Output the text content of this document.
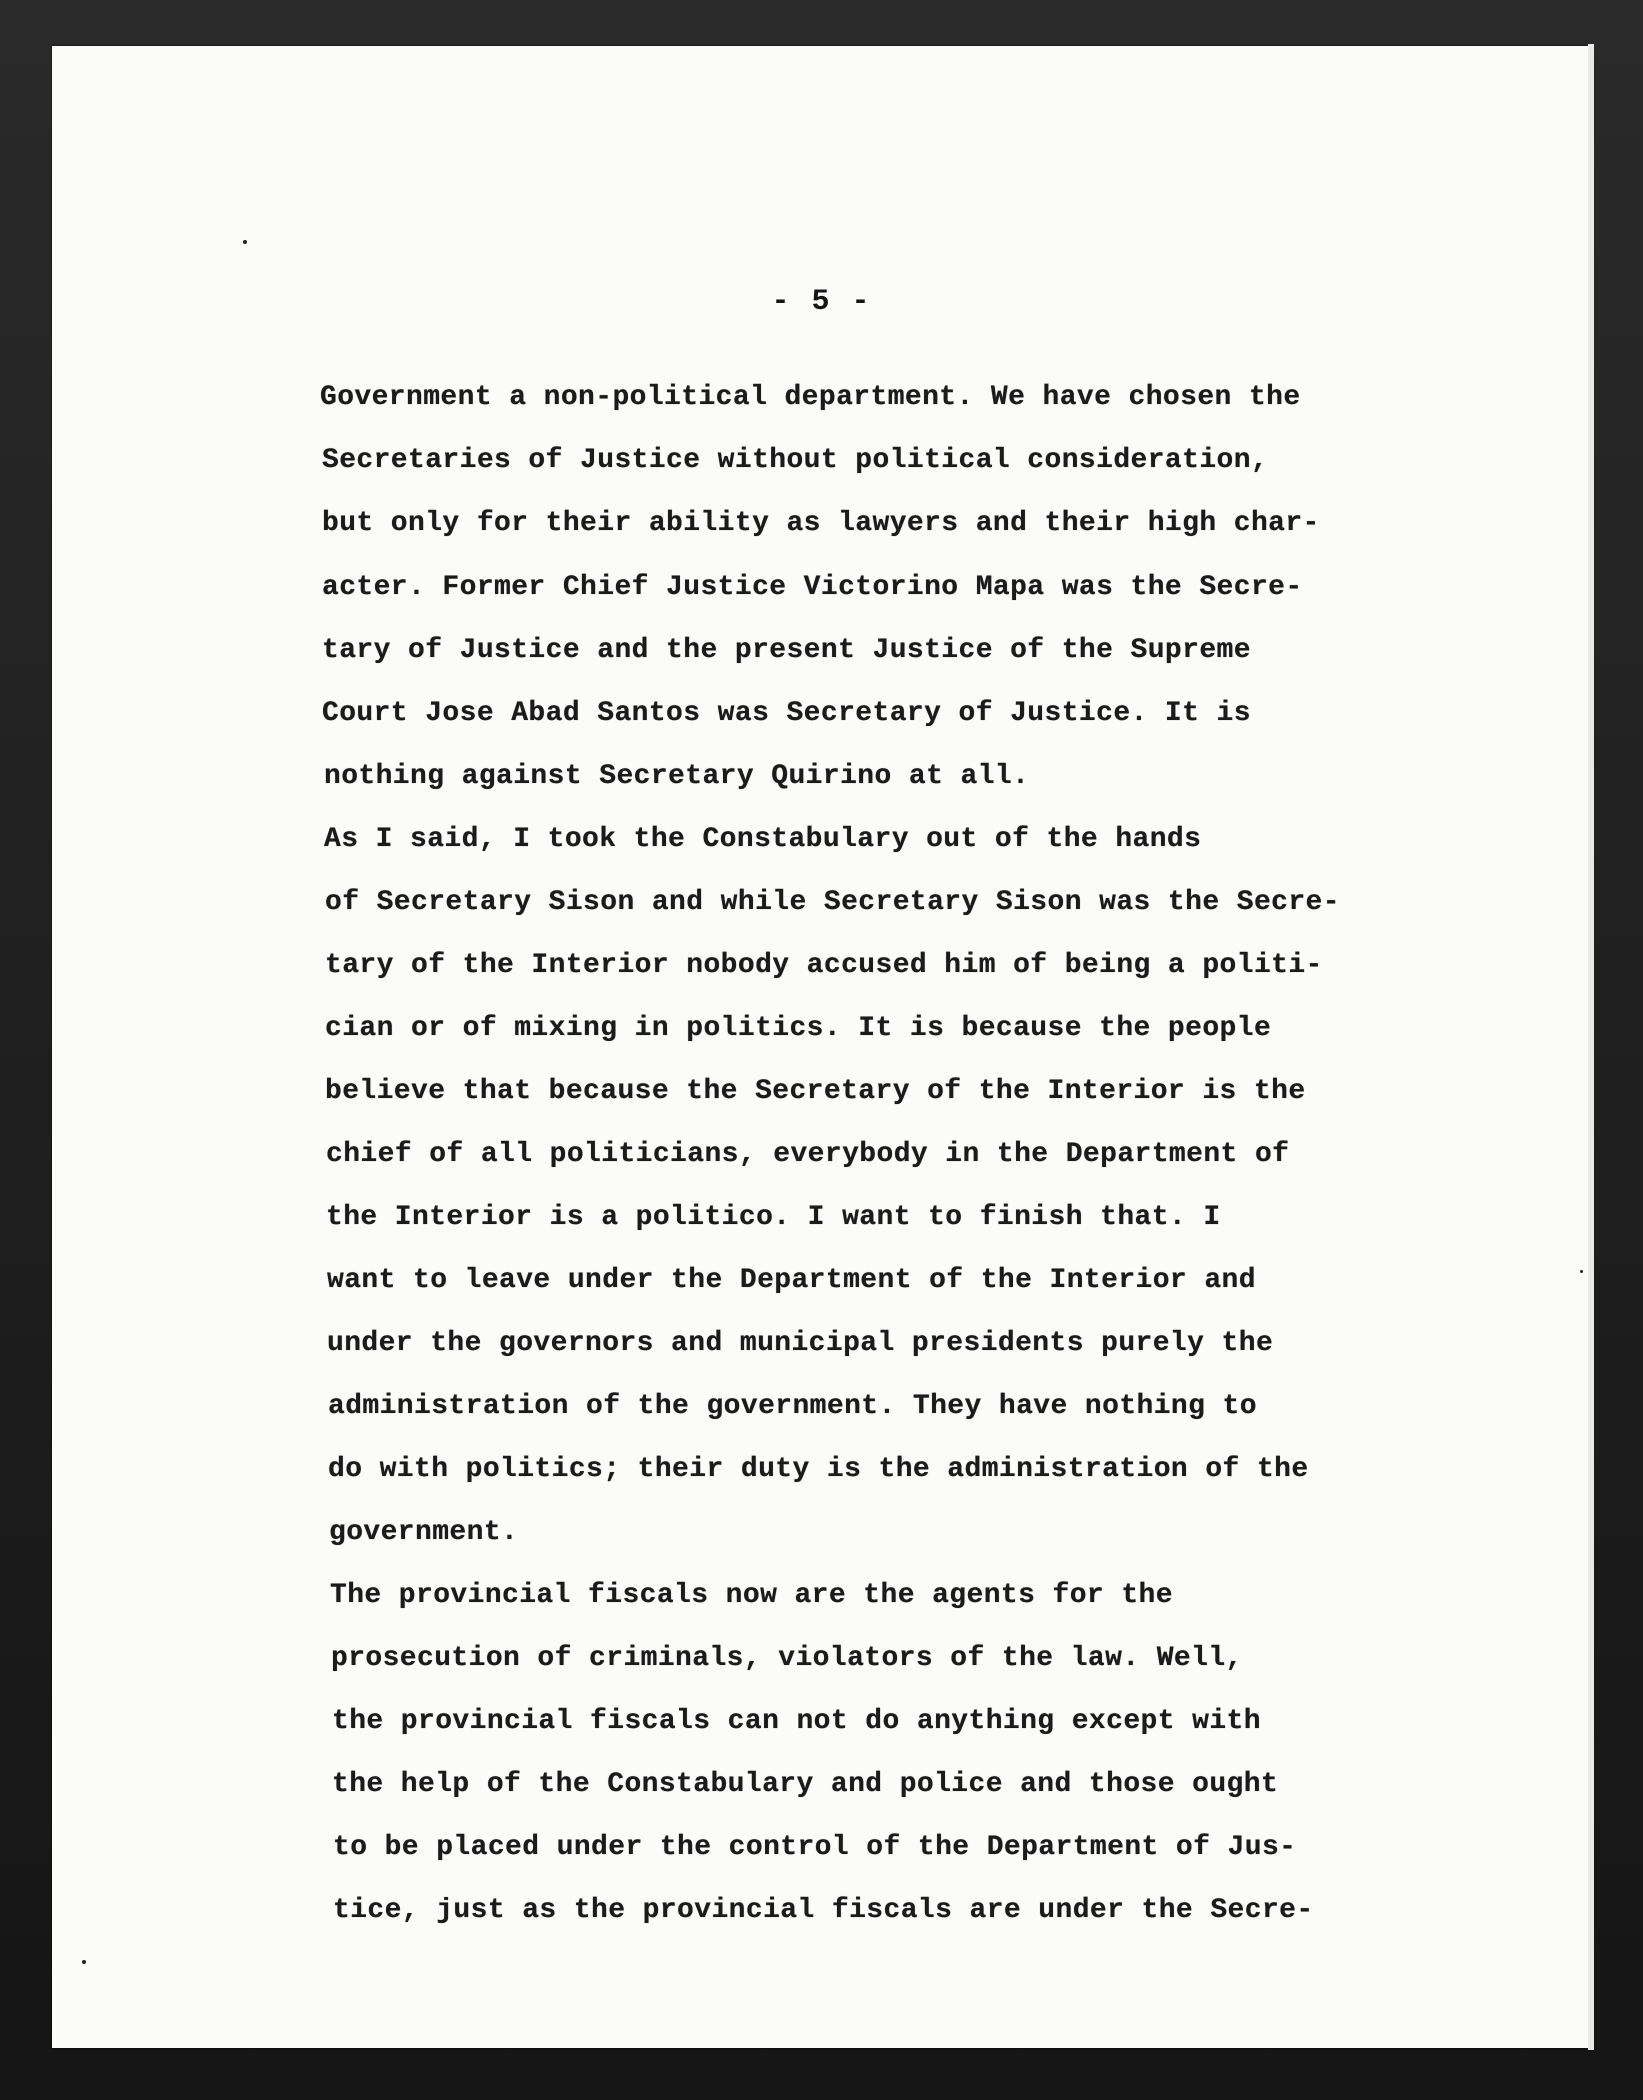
- 5 -
Government a non-political department. We have chosen the
Secretaries of Justice without political consideration,
but only for their ability as lawyers and their high char-
acter. Former Chief Justice Victorino Mapa was the Secre-
tary of Justice and the present Justice of the Supreme
Court Jose Abad Santos was Secretary of Justice. It is
nothing against Secretary Quirino at all.
As I said, I took the Constabulary out of the hands
of Secretary Sison and while Secretary Sison was the Secre-
tary of the Interior nobody accused him of being a politi-
cian or of mixing in politics. It is because the people
believe that because the Secretary of the Interior is the
chief of all politicians, everybody in the Department of
the Interior is a politico. I want to finish that. I
want to leave under the Department of the Interior and
under the governors and municipal presidents purely the
administration of the government. They have nothing to
do with politics; their duty is the administration of the
government.
The provincial fiscals now are the agents for the
prosecution of criminals, violators of the law. Well,
the provincial fiscals can not do anything except with
the help of the Constabulary and police and those ought
to be placed under the control of the Department of Jus-
tice, just as the provincial fiscals are under the Secre-
